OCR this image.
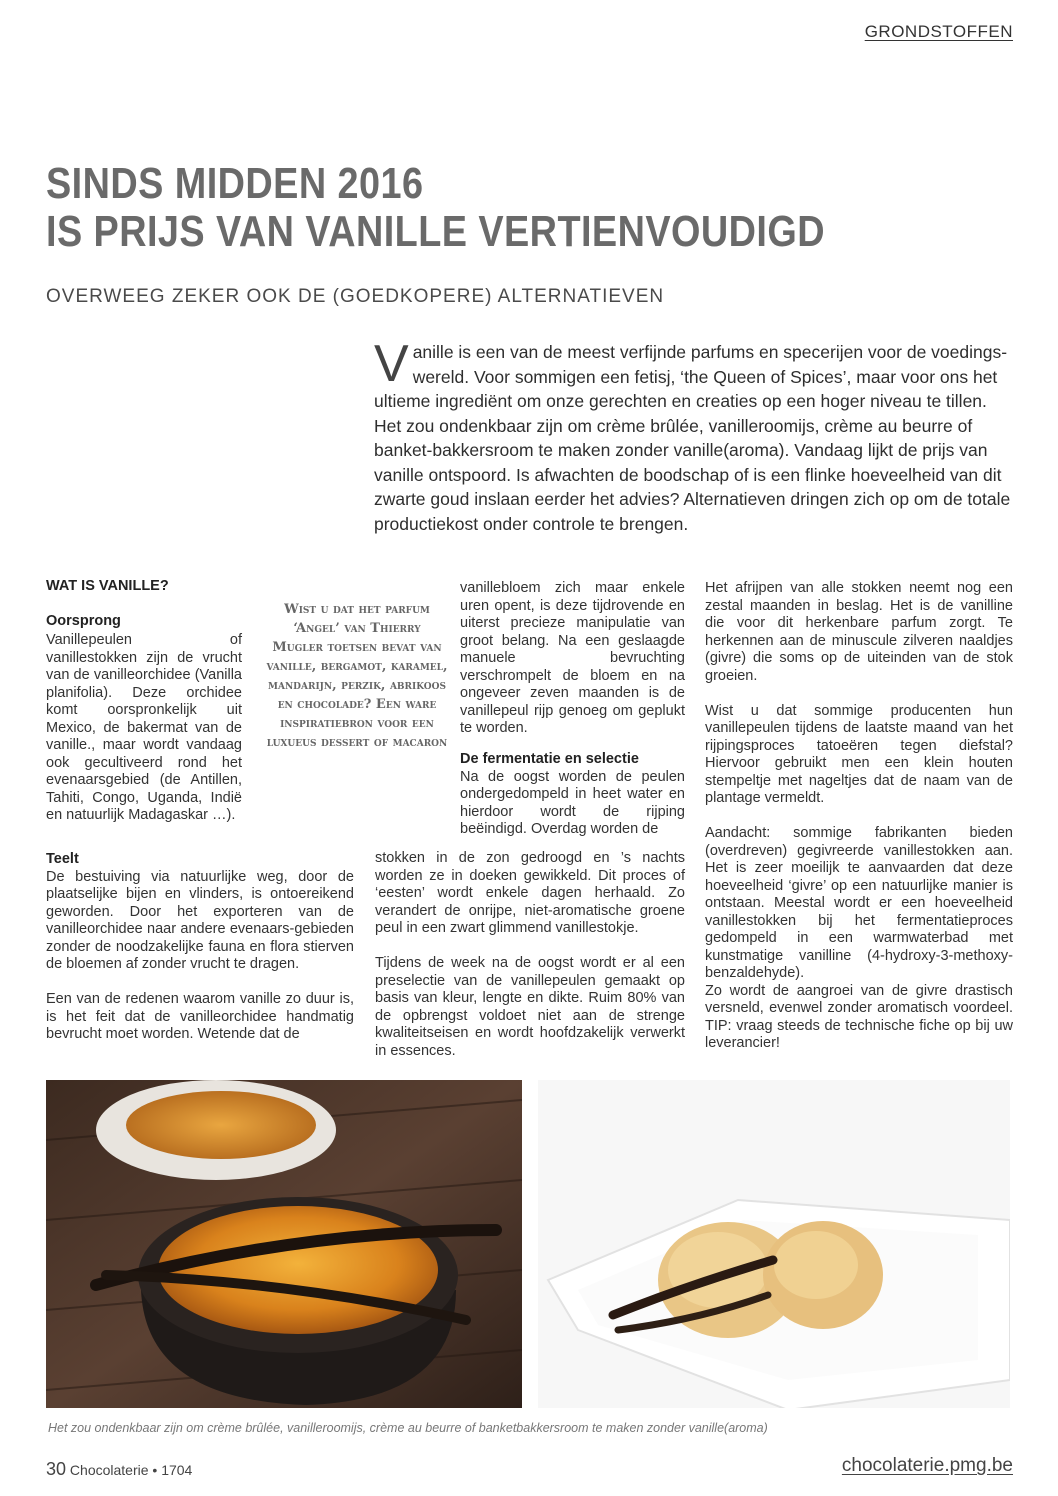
GRONDSTOFFEN
SINDS MIDDEN 2016
IS PRIJS VAN VANILLE VERTIENVOUDIGD
OVERWEEG ZEKER OOK DE (GOEDKOPERE) ALTERNATIEVEN
Vanille is een van de meest verfijnde parfums en specerijen voor de voedings-wereld. Voor sommigen een fetisj, ‘the Queen of Spices’, maar voor ons het ultieme ingrediënt om onze gerechten en creaties op een hoger niveau te tillen. Het zou ondenkbaar zijn om crème brûlée, vanilleroomijs, crème au beurre of banket-bakkersroom te maken zonder vanille(aroma). Vandaag lijkt de prijs van vanille ontspoord. Is afwachten de boodschap of is een flinke hoeveelheid van dit zwarte goud inslaan eerder het advies? Alternatieven dringen zich op om de totale productiekost onder controle te brengen.
WAT IS VANILLE?
Oorsprong

Vanillepeulen of vanillestokken zijn de vrucht van de vanilleorchidee (Vanilla planifolia). Deze orchidee komt oorspronkelijk uit Mexico, de bakermat van de vanille., maar wordt vandaag ook gecultiveerd rond het evenaarsgebied (de Antillen, Tahiti, Congo, Uganda, Indië en natuurlijk Madagaskar …).

Teelt

De bestuiving via natuurlijke weg, door de plaatselijke bijen en vlinders, is ontoereikend geworden. Door het exporteren van de vanilleorchidee naar andere evenaars-gebieden zonder de noodzakelijke fauna en flora stierven de bloemen af zonder vrucht te dragen.

Een van de redenen waarom vanille zo duur is, is het feit dat de vanilleorchidee handmatig bevrucht moet worden. Wetende dat de

Wist u dat het parfum ‘Angel’ van Thierry Mugler toetsen bevat van vanille, bergamot, karamel, mandarijn, perzik, abrikoos en chocolade? Een ware inspiratiebron voor een luxueus dessert of macaron

vanillebloem zich maar enkele uren opent, is deze tijdrovende en uiterst precieze manipulatie van groot belang. Na een geslaagde manuele bevruchting verschrompelt de bloem en na ongeveer zeven maanden is de vanillepeul rijp genoeg om geplukt te worden.

De fermentatie en selectie

Na de oogst worden de peulen ondergedompeld in heet water en hierdoor wordt de rijping beëindigd. Overdag worden de

stokken in de zon gedroogd en ’s nachts worden ze in doeken gewikkeld. Dit proces of ‘eesten’ wordt enkele dagen herhaald. Zo verandert de onrijpe, niet-aromatische groene peul in een zwart glimmend vanillestokje.

Tijdens de week na de oogst wordt er al een preselectie van de vanillepeulen gemaakt op basis van kleur, lengte en dikte. Ruim 80% van de opbrengst voldoet niet aan de strenge kwaliteitseisen en wordt hoofdzakelijk verwerkt in essences.

Het afrijpen van alle stokken neemt nog een zestal maanden in beslag. Het is de vanilline die voor dit herkenbare parfum zorgt. Te herkennen aan de minuscule zilveren naaldjes (givre) die soms op de uiteinden van de stok groeien.

Wist u dat sommige producenten hun vanillepeulen tijdens de laatste maand van het rijpingsproces tatoeëren tegen diefstal? Hiervoor gebruikt men een klein houten stempeltje met nageltjes dat de naam van de plantage vermeldt.

Aandacht: sommige fabrikanten bieden (overdreven) gegivreerde vanillestokken aan. Het is zeer moeilijk te aanvaarden dat deze hoeveelheid ‘givre’ op een natuurlijke manier is ontstaan. Meestal wordt er een hoeveelheid vanillestokken bij het fermentatieproces gedompeld in een warmwaterbad met kunstmatige vanilline (4-hydroxy-3-methoxy-benzaldehyde).

Zo wordt de aangroei van de givre drastisch versneld, evenwel zonder aromatisch voordeel. TIP: vraag steeds de technische fiche op bij uw leverancier!

Het zou ondenkbaar zijn om crème brûlée, vanilleroomijs, crème au beurre of banketbakkersroom te maken zonder vanille(aroma)
30 Chocolaterie • 1704	chocolaterie.pmg.be
